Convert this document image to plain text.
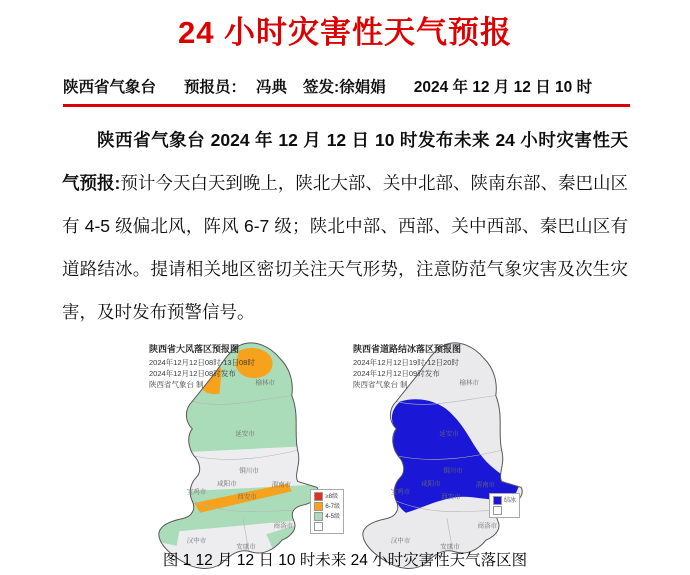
24 小时灾害性天气预报
陕西省气象台 预报员： 冯典 签发:徐娟娟 2024 年 12 月 12 日 10 时

陕西省气象台 2024 年 12 月 12 日 10 时发布未来 24 小时灾害性天气预报:预计今天白天到晚上，陕北大部、关中北部、陕南东部、秦巴山区有 4-5 级偏北风，阵风 6-7 级；陕北中部、西部、关中西部、秦巴山区有道路结冰。提请相关地区密切关注天气形势，注意防范气象灾害及次生灾害，及时发布预警信号。

陕西省大风落区预报图
2024年12月12日08时-13日08时
2024年12月12日08时发布
陕西省气象台 制
≥8级
6-7级
4-5级
榆林市
延安市
铜川市
咸阳市
宝鸡市
西安市
渭南市
商洛市
安康市
汉中市
陕西省道路结冰落区预报图
2024年12月12日19时-12日20时
2024年12月12日09时发布
陕西省气象台 制
结冰
榆林市
延安市
铜川市
咸阳市
宝鸡市
西安市
渭南市
商洛市
安康市
汉中市
图 1 12 月 12 日 10 时未来 24 小时灾害性天气落区图
